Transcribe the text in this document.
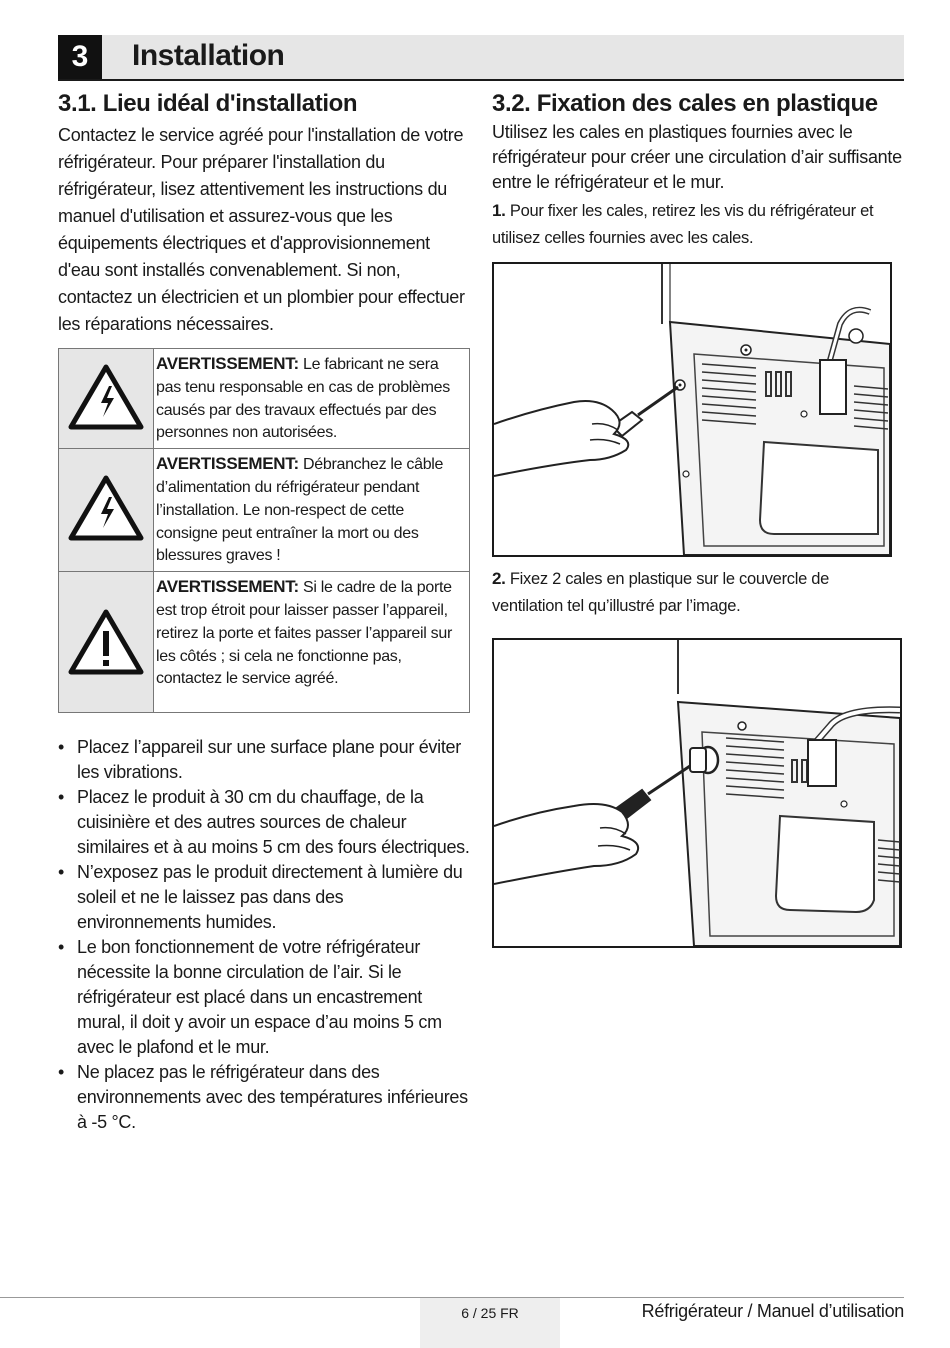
3	Installation
3.1. Lieu idéal d'installation

Contactez le service agréé pour l'installation de votre réfrigérateur. Pour préparer l'installation du réfrigérateur, lisez attentivement les instructions du manuel d'utilisation et assurez-vous que les équipements électriques et d'approvisionnement d'eau sont installés convenablement. Si non, contactez un électricien et un plombier pour effectuer les réparations nécessaires.

	AVERTISSEMENT: Le fabricant ne sera pas tenu responsable en cas de problèmes causés par des travaux effectués par des personnes non autorisées.

	AVERTISSEMENT: Débranchez le câble d’alimentation du réfrigérateur pendant l’installation. Le non-respect de cette consigne peut entraîner la mort ou des blessures graves !

	AVERTISSEMENT: Si le cadre de la porte est trop étroit pour laisser passer l’appareil, retirez la porte et faites passer l’appareil sur les côtés ; si cela ne fonctionne pas, contactez le service agréé.
• Placez l’appareil sur une surface plane pour éviter les vibrations.
• Placez le produit à 30 cm du chauffage, de la cuisinière et des autres sources de chaleur similaires et à au moins 5 cm des fours électriques.
• N’exposez pas le produit directement à lumière du soleil et ne le laissez pas dans des environnements humides.
• Le bon fonctionnement de votre réfrigérateur nécessite la bonne circulation de l’air. Si le réfrigérateur est placé dans un encastrement mural, il doit y avoir un espace d’au moins 5 cm avec le plafond et le mur.
• Ne placez pas le réfrigérateur dans des environnements avec des températures inférieures à -5 °C.
3.2. Fixation des cales en plastique

Utilisez les cales en plastiques fournies avec le réfrigérateur pour créer une circulation d’air suffisante entre le réfrigérateur et le mur.

1. Pour fixer les cales, retirez les vis du réfrigérateur et utilisez celles fournies avec les cales.

2. Fixez 2 cales en plastique sur le couvercle de ventilation tel qu’illustré par l’image.

6 / 25 FR	Réfrigérateur / Manuel d’utilisation
